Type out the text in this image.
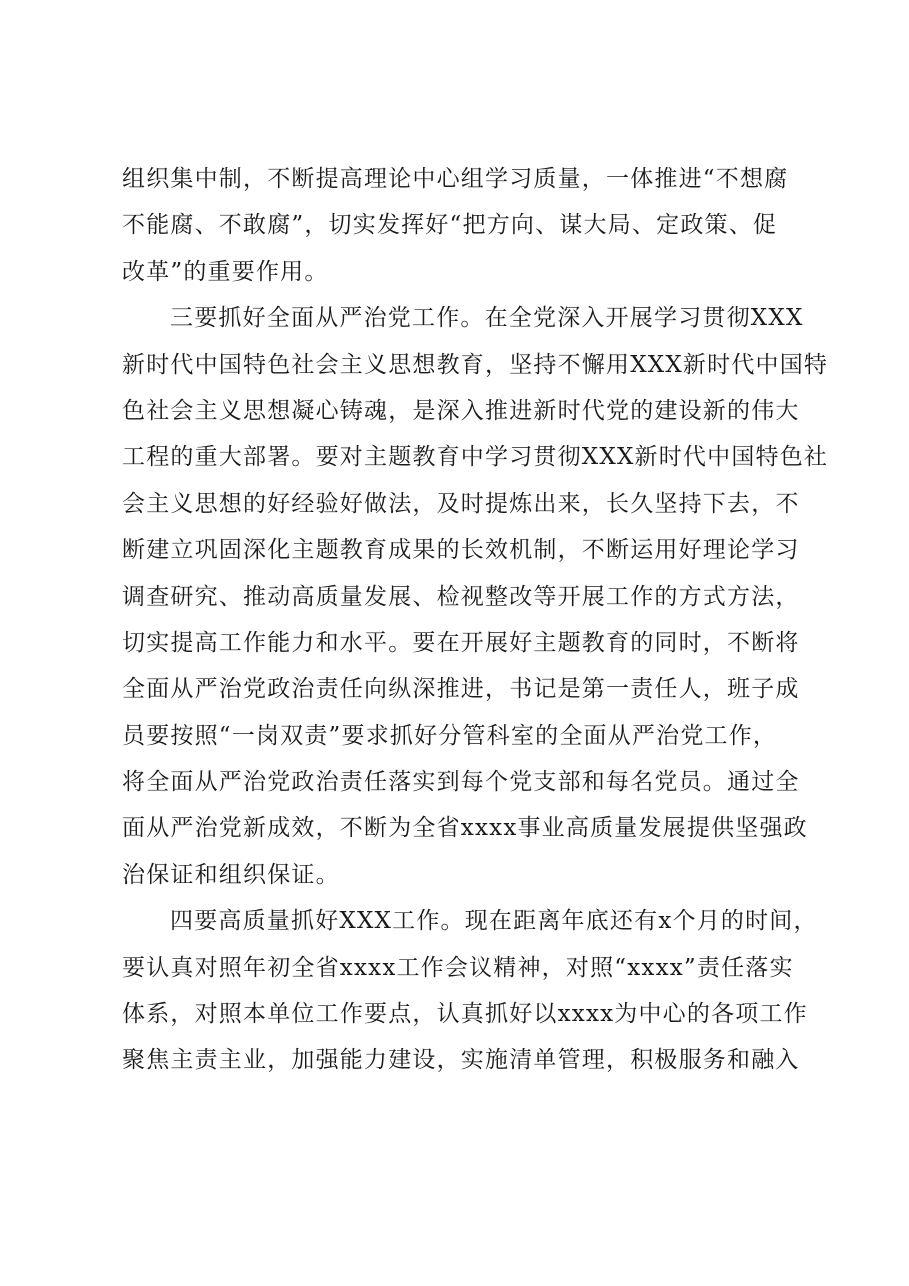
组织集中制，不断提高理论中心组学习质量，一体推进“不想腐
不能腐、不敢腐”，切实发挥好“把方向、谋大局、定政策、促
改革”的重要作用。
三要抓好全面从严治党工作。在全党深入开展学习贯彻XXX
新时代中国特色社会主义思想教育，坚持不懈用XXX新时代中国特
色社会主义思想凝心铸魂，是深入推进新时代党的建设新的伟大
工程的重大部署。要对主题教育中学习贯彻XXX新时代中国特色社
会主义思想的好经验好做法，及时提炼出来，长久坚持下去，不
断建立巩固深化主题教育成果的长效机制，不断运用好理论学习
调查研究、推动高质量发展、检视整改等开展工作的方式方法，
切实提高工作能力和水平。要在开展好主题教育的同时，不断将
全面从严治党政治责任向纵深推进，书记是第一责任人，班子成
员要按照“一岗双责”要求抓好分管科室的全面从严治党工作，
将全面从严治党政治责任落实到每个党支部和每名党员。通过全
面从严治党新成效，不断为全省xxxx事业高质量发展提供坚强政
治保证和组织保证。
四要高质量抓好XXX工作。现在距离年底还有x个月的时间，
要认真对照年初全省xxxx工作会议精神，对照“xxxx”责任落实
体系，对照本单位工作要点，认真抓好以xxxx为中心的各项工作
聚焦主责主业，加强能力建设，实施清单管理，积极服务和融入
